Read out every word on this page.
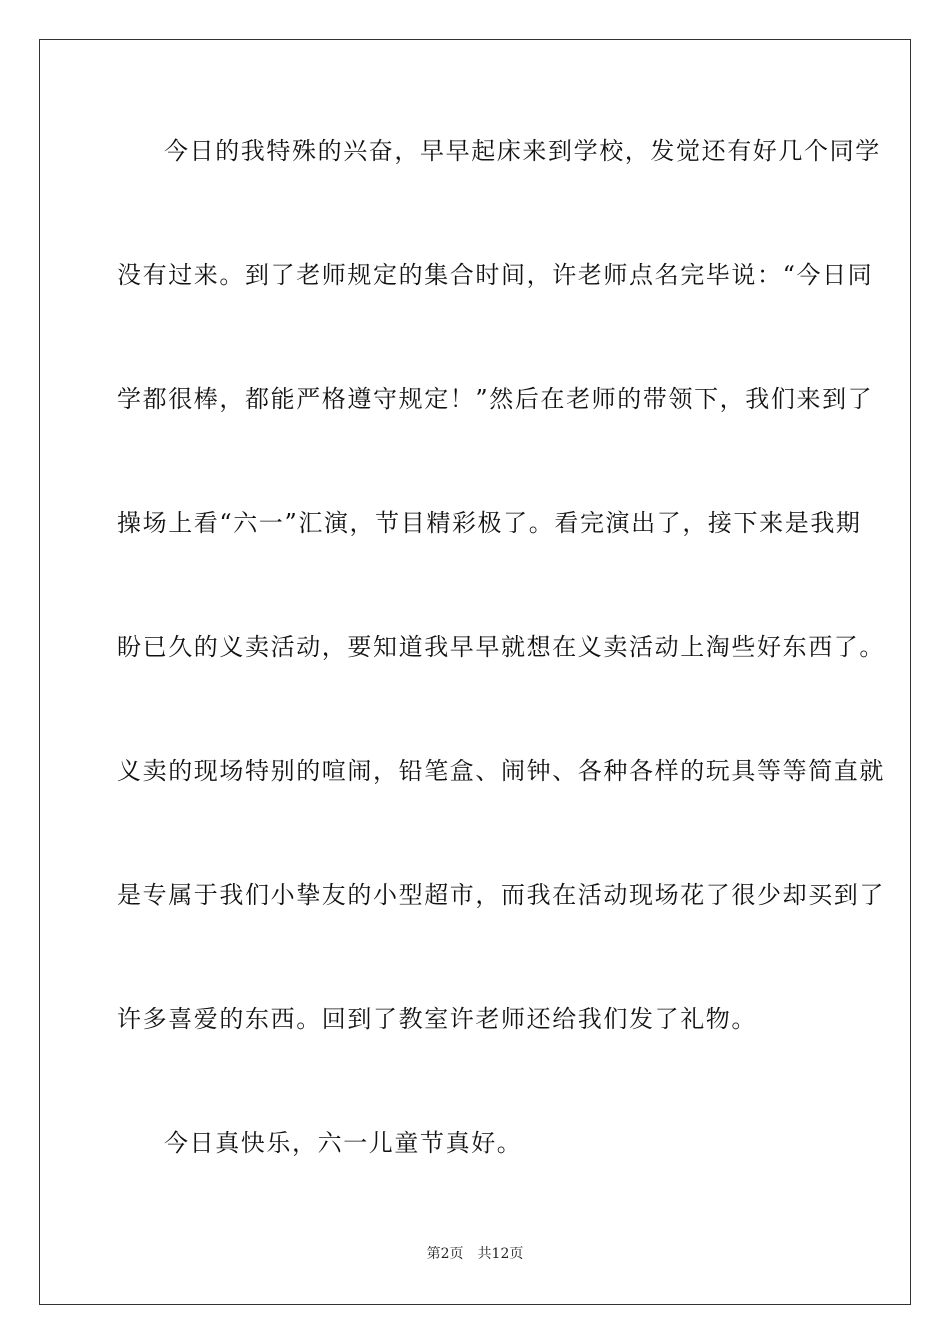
今日的我特殊的兴奋，早早起床来到学校，发觉还有好几个同学
没有过来。到了老师规定的集合时间，许老师点名完毕说：“今日同
学都很棒，都能严格遵守规定！”然后在老师的带领下，我们来到了
操场上看“六一”汇演，节目精彩极了。看完演出了，接下来是我期
盼已久的义卖活动，要知道我早早就想在义卖活动上淘些好东西了。
义卖的现场特别的喧闹，铅笔盒、闹钟、各种各样的玩具等等简直就
是专属于我们小挚友的小型超市，而我在活动现场花了很少却买到了
许多喜爱的东西。回到了教室许老师还给我们发了礼物。
今日真快乐，六一儿童节真好。
第2页 共12页
